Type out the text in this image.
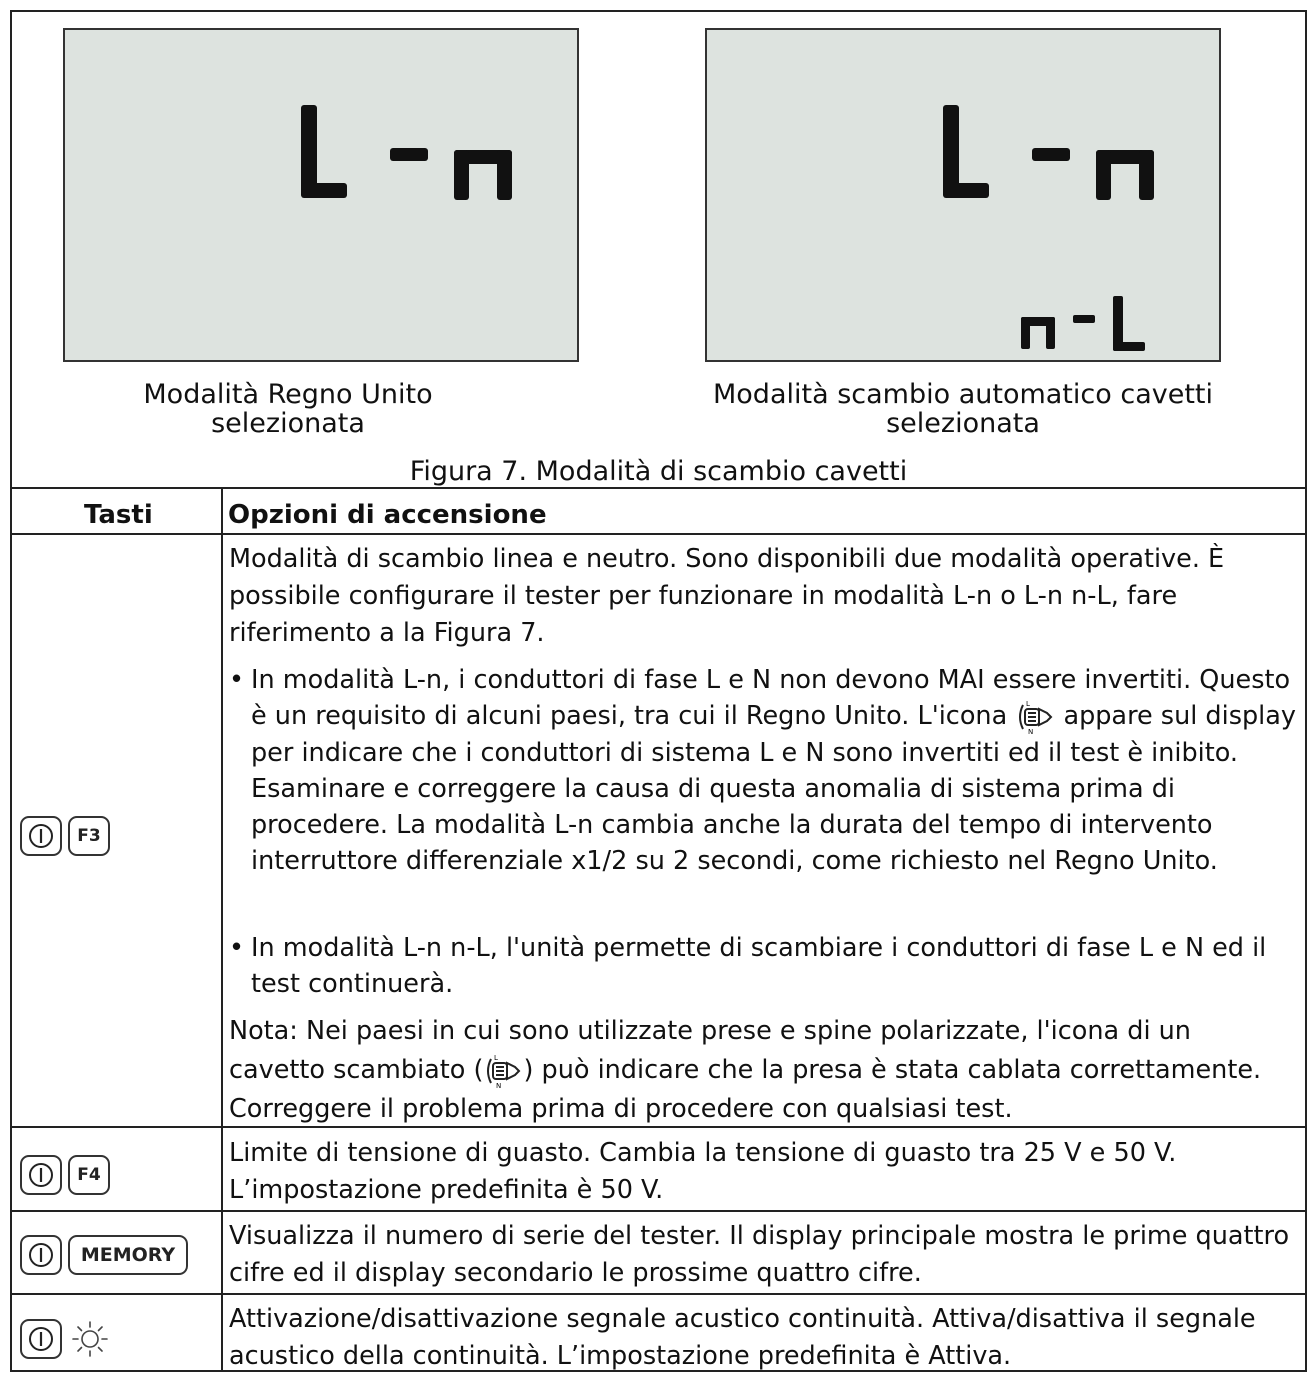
Modalità Regno Unito selezionata
Modalità scambio automatico cavetti selezionata
Figura 7. Modalità di scambio cavetti
Tasti	Opzioni di accensione
F3

Modalità di scambio linea e neutro. Sono disponibili due modalità operative. È possibile configurare il tester per funzionare in modalità L-n o L-n n-L, fare riferimento a la Figura 7.

• In modalità L-n, i conduttori di fase L e N non devono MAI essere invertiti. Questo è un requisito di alcuni paesi, tra cui il Regno Unito. L'icona	L
N
appare sul display per indicare che i conduttori di sistema L e N sono invertiti ed il test è inibito. Esaminare e correggere la causa di questa anomalia di sistema prima di procedere. La modalità L-n cambia anche la durata del tempo di intervento interruttore differenziale x1/2 su 2 secondi, come richiesto nel Regno Unito.
• In modalità L-n n-L, l'unità permette di scambiare i conduttori di fase L e N ed il test continuerà.

Nota: Nei paesi in cui sono utilizzate prese e spine polarizzate, l'icona di un cavetto scambiato ( L
N
) può indicare che la presa è stata cablata correttamente. Correggere il problema prima di procedere con qualsiasi test.

F4

Limite di tensione di guasto. Cambia la tensione di guasto tra 25 V e 50 V. L’impostazione predefinita è 50 V.

MEMORY

Visualizza il numero di serie del tester. Il display principale mostra le prime quattro cifre ed il display secondario le prossime quattro cifre.

Attivazione/disattivazione segnale acustico continuità. Attiva/disattiva il segnale acustico della continuità. L’impostazione predefinita è Attiva.
